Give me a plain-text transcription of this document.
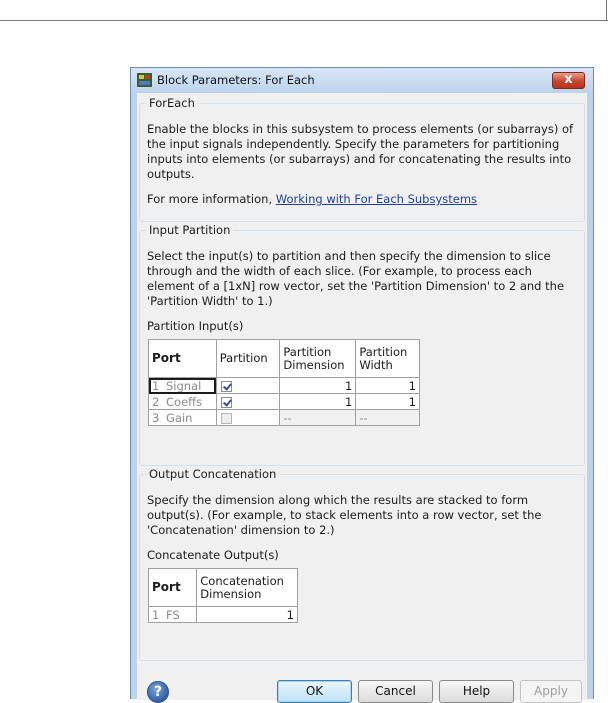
Block Parameters: For Each	x
ForEach
Enable the blocks in this subsystem to process elements (or subarrays) of the input signals independently. Specify the parameters for partitioning inputs into elements (or subarrays) and for concatenating the results into outputs.
For more information, Working with For Each Subsystems
Input Partition
Select the input(s) to partition and then specify the dimension to slice through and the width of each slice. (For example, to process each element of a [1xN] row vector, set the 'Partition Dimension' to 2 and the 'Partition Width' to 1.)
Partition Input(s)
Port	Partition	Partition Dimension	Partition Width
1 Signal		1	1
2 Coeffs		1	1
3 Gain		--	--
Output Concatenation
Specify the dimension along which the results are stacked to form output(s). (For example, to stack elements into a row vector, set the 'Concatenation' dimension to 2.)
Concatenate Output(s)
Port	Concatenation Dimension
1 FS	1
?	OK	Cancel	Help	Apply
